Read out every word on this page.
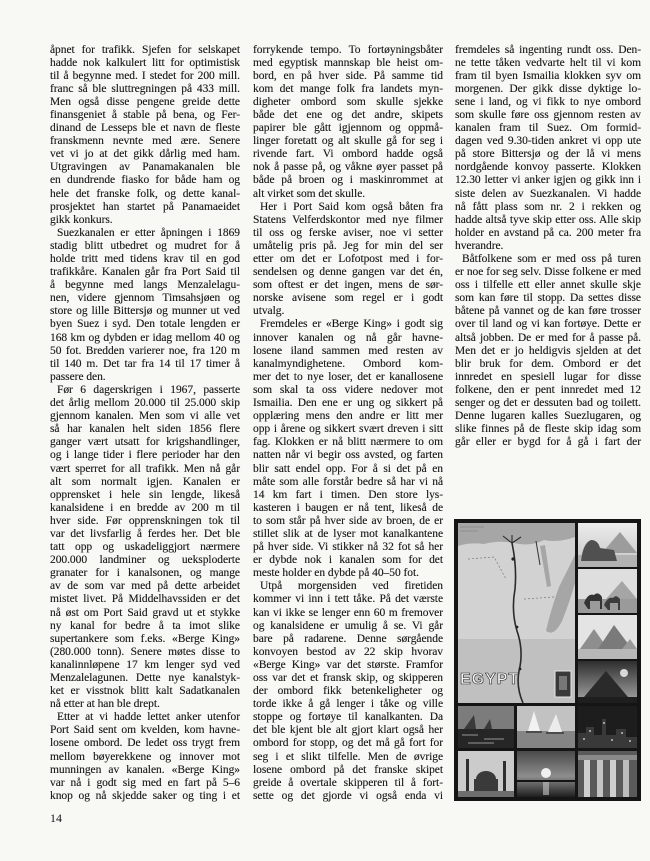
åpnet for trafikk. Sjefen for selskapet
hadde nok kalkulert litt for optimistisk
til å begynne med. I stedet for 200 mill.
franc så ble sluttregningen på 433 mill.
Men også disse pengene greide dette
finansgeniet å stable på bena, og Fer-
dinand de Lesseps ble et navn de fleste
franskmenn nevnte med ære. Senere
vet vi jo at det gikk dårlig med ham.
Utgravingen av Panamakanalen ble
en dundrende fiasko for både ham og
hele det franske folk, og dette kanal-
prosjektet han startet på Panamaeidet
gikk konkurs.
Suezkanalen er etter åpningen i 1869
stadig blitt utbedret og mudret for å
holde tritt med tidens krav til en god
trafikkåre. Kanalen går fra Port Said til
å begynne med langs Menzalelagu-
nen, videre gjennom Timsahsjøen og
store og lille Bittersjø og munner ut ved
byen Suez i syd. Den totale lengden er
168 km og dybden er idag mellom 40 og
50 fot. Bredden varierer noe, fra 120 m
til 140 m. Det tar fra 14 til 17 timer å
passere den.
Før 6 dagerskrigen i 1967, passerte
det årlig mellom 20.000 til 25.000 skip
gjennom kanalen. Men som vi alle vet
så har kanalen helt siden 1856 flere
ganger vært utsatt for krigshandlinger,
og i lange tider i flere perioder har den
vært sperret for all trafikk. Men nå går
alt som normalt igjen. Kanalen er
opprensket i hele sin lengde, likeså
kanalsidene i en bredde av 200 m til
hver side. Før opprenskningen tok til
var det livsfarlig å ferdes her. Det ble
tatt opp og uskadeliggjort nærmere
200.000 landminer og ueksploderte
granater for i kanalsonen, og mange
av de som var med på dette arbeidet
mistet livet. På Middelhavssiden er det
nå øst om Port Said gravd ut et stykke
ny kanal for bedre å ta imot slike
supertankere som f.eks. «Berge King»
(280.000 tonn). Senere møtes disse to
kanalinnløpene 17 km lenger syd ved
Menzalelagunen. Dette nye kanalstyk-
ket er visstnok blitt kalt Sadatkanalen
nå etter at han ble drept.
Etter at vi hadde lettet anker utenfor
Port Said sent om kvelden, kom havne-
losene ombord. De ledet oss trygt frem
mellom bøyerekkene og innover mot
munningen av kanalen. «Berge King»
var nå i godt sig med en fart på 5–6
knop og nå skjedde saker og ting i et
forrykende tempo. To fortøyningsbåter
med egyptisk mannskap ble heist om-
bord, en på hver side. På samme tid
kom det mange folk fra landets myn-
digheter ombord som skulle sjekke
både det ene og det andre, skipets
papirer ble gått igjennom og oppmå-
linger foretatt og alt skulle gå for seg i
rivende fart. Vi ombord hadde også
nok å passe på, og våkne øyer passet på
både på broen og i maskinrommet at
alt virket som det skulle.
Her i Port Said kom også båten fra
Statens Velferdskontor med nye filmer
til oss og ferske aviser, noe vi setter
umåtelig pris på. Jeg for min del ser
etter om det er Lofotpost med i for-
sendelsen og denne gangen var det én,
som oftest er det ingen, mens de sør-
norske avisene som regel er i godt
utvalg.
Fremdeles er «Berge King» i godt sig
innover kanalen og nå går havne-
losene iland sammen med resten av
kanalmyndighetene. Ombord kom-
mer det to nye loser, det er kanallosene
som skal ta oss videre nedover mot
Ismailia. Den ene er ung og sikkert på
opplæring mens den andre er litt mer
opp i årene og sikkert svært dreven i sitt
fag. Klokken er nå blitt nærmere to om
natten når vi begir oss avsted, og farten
blir satt endel opp. For å si det på en
måte som alle forstår bedre så har vi nå
14 km fart i timen. Den store lys-
kasteren i baugen er nå tent, likeså de
to som står på hver side av broen, de er
stillet slik at de lyser mot kanalkantene
på hver side. Vi stikker nå 32 fot så her
er dybde nok i kanalen som for det
meste holder en dybde på 40–50 fot.
Utpå morgensiden ved firetiden
kommer vi inn i tett tåke. På det værste
kan vi ikke se lenger enn 60 m fremover
og kanalsidene er umulig å se. Vi går
bare på radarene. Denne sørgående
konvoyen bestod av 22 skip hvorav
«Berge King» var det største. Framfor
oss var det et fransk skip, og skipperen
der ombord fikk betenkeligheter og
torde ikke å gå lenger i tåke og ville
stoppe og fortøye til kanalkanten. Da
det ble kjent ble alt gjort klart også her
ombord for stopp, og det må gå fort for
seg i et slikt tilfelle. Men de øvrige
losene ombord på det franske skipet
greide å overtale skipperen til å fort-
sette og det gjorde vi også enda vi
fremdeles så ingenting rundt oss. Den-
ne tette tåken vedvarte helt til vi kom
fram til byen Ismailia klokken syv om
morgenen. Der gikk disse dyktige lo-
sene i land, og vi fikk to nye ombord
som skulle føre oss gjennom resten av
kanalen fram til Suez. Om formid-
dagen ved 9.30-tiden ankret vi opp ute
på store Bittersjø og der lå vi mens
nordgående konvoy passerte. Klokken
12.30 letter vi anker igjen og gikk inn i
siste delen av Suezkanalen. Vi hadde
nå fått plass som nr. 2 i rekken og
hadde altså tyve skip etter oss. Alle skip
holder en avstand på ca. 200 meter fra
hverandre.
Båtfolkene som er med oss på turen
er noe for seg selv. Disse folkene er med
oss i tilfelle ett eller annet skulle skje
som kan føre til stopp. Da settes disse
båtene på vannet og de kan føre trosser
over til land og vi kan fortøye. Dette er
altså jobben. De er med for å passe på.
Men det er jo heldigvis sjelden at det
blir bruk for dem. Ombord er det
innredet en spesiell lugar for disse
folkene, den er pent innredet med 12
senger og det er dessuten bad og toilett.
Denne lugaren kalles Suezlugaren, og
slike finnes på de fleste skip idag som
går eller er bygd for å gå i fart der
EGYPT
14
